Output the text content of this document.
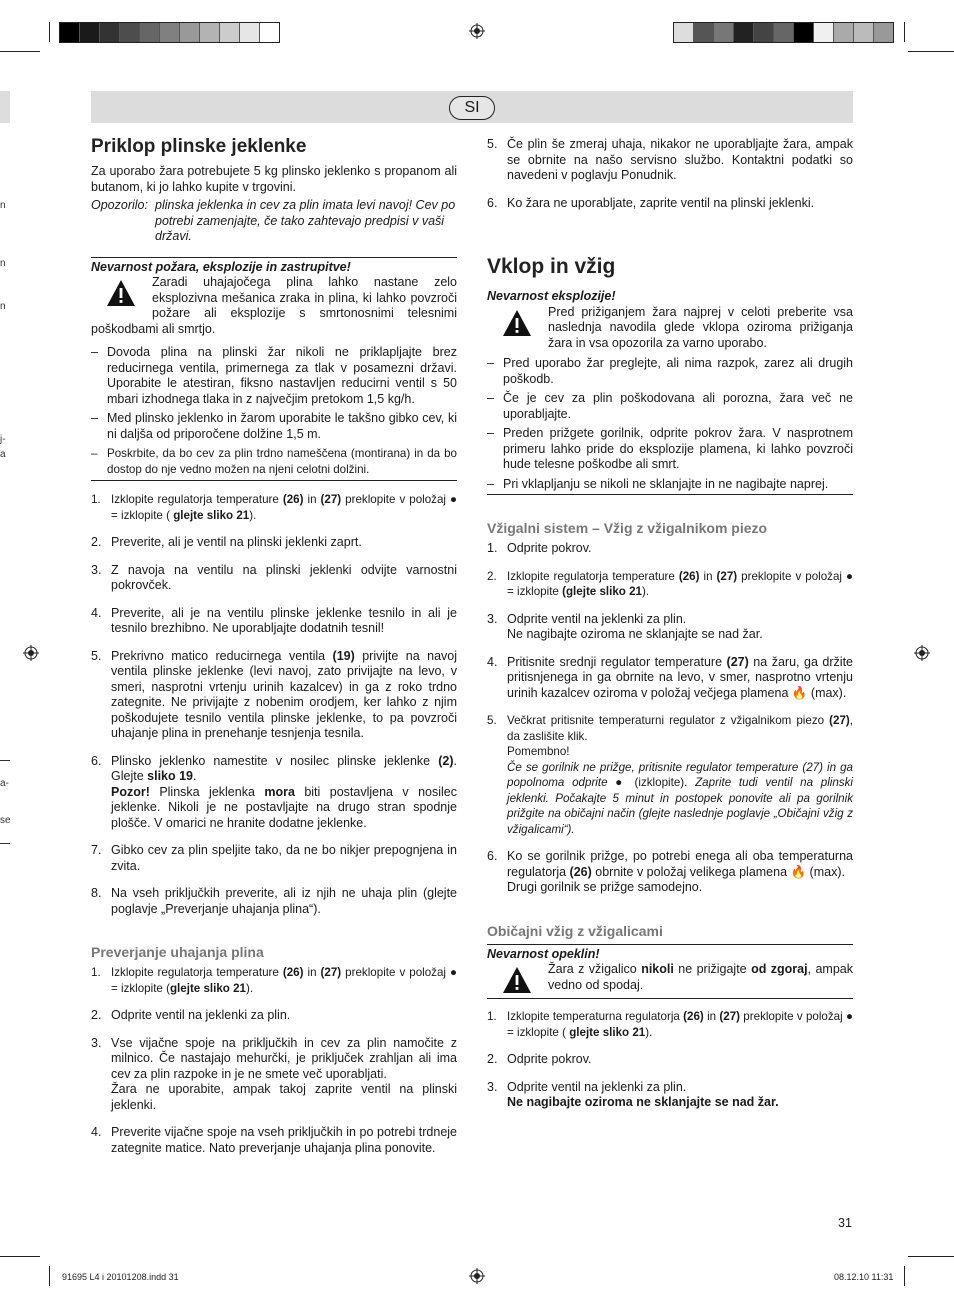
n
n
n
j-
a
a-
se
SI
Priklop plinske jeklenke

Za uporabo žara potrebujete 5 kg plinsko jeklenko s propanom ali butanom, ki jo lahko kupite v trgovini.

Opozorilo: plinska jeklenka in cev za plin imata levi navoj! Cev po potrebi zamenjajte, če tako zahtevajo predpisi v vaši državi.
Nevarnost požara, eksplozije in zastrupitve!

Zaradi uhajajočega plina lahko nastane zelo eksplozivna mešanica zraka in plina, ki lahko povzroči požare ali eksplozije s smrtonosnimi telesnimi poškodbami ali smrtjo.

– Dovoda plina na plinski žar nikoli ne priklapljajte brez reducirnega ventila, primernega za tlak v posamezni državi. Uporabite le atestiran, fiksno nastavljen reducirni ventil s 50 mbari izhodnega tlaka in z največjim pretokom 1,5 kg/h.
– Med plinsko jeklenko in žarom uporabite le takšno gibko cev, ki ni daljša od priporočene dolžine 1,5 m.
– Poskrbite, da bo cev za plin trdno nameščena (montirana) in da bo dostop do nje vedno možen na njeni celotni dolžini.
1. Izklopite regulatorja temperature (26) in (27) preklopite v položaj ● = izklopite ( glejte sliko 21).
2. Preverite, ali je ventil na plinski jeklenki zaprt.
3. Z navoja na ventilu na plinski jeklenki odvijte varnostni pokrovček.
4. Preverite, ali je na ventilu plinske jeklenke tesnilo in ali je tesnilo brezhibno. Ne uporabljajte dodatnih tesnil!
5. Prekrivno matico reducirnega ventila (19) privijte na navoj ventila plinske jeklenke (levi navoj, zato privijajte na levo, v smeri, nasprotni vrtenju urinih kazalcev) in ga z roko trdno zategnite. Ne privijajte z nobenim orodjem, ker lahko z njim poškodujete tesnilo ventila plinske jeklenke, to pa povzroči uhajanje plina in prenehanje tesnjenja tesnila.
6. Plinsko jeklenko namestite v nosilec plinske jeklenke (2). Glejte sliko 19.
Pozor! Plinska jeklenka mora biti postavljena v nosilec jeklenke. Nikoli je ne postavljajte na drugo stran spodnje plošče. V omarici ne hranite dodatne jeklenke.
7. Gibko cev za plin speljite tako, da ne bo nikjer prepognjena in zvita.
8. Na vseh priključkih preverite, ali iz njih ne uhaja plin (glejte poglavje „Preverjanje uhajanja plina“).
Preverjanje uhajanja plina
1. Izklopite regulatorja temperature (26) in (27) preklopite v položaj ● = izklopite (glejte sliko 21).
2. Odprite ventil na jeklenki za plin.
3. Vse vijačne spoje na priključkih in cev za plin namočite z milnico. Če nastajajo mehurčki, je priključek zrahljan ali ima cev za plin razpoke in je ne smete več uporabljati.
Žara ne uporabite, ampak takoj zaprite ventil na plinski jeklenki.
4. Preverite vijačne spoje na vseh priključkih in po potrebi trdneje zategnite matice. Nato preverjanje uhajanja plina ponovite.
5. Če plin še zmeraj uhaja, nikakor ne uporabljajte žara, ampak se obrnite na našo servisno službo. Kontaktni podatki so navedeni v poglavju Ponudnik.
6. Ko žara ne uporabljate, zaprite ventil na plinski jeklenki.
Vklop in vžig
Nevarnost eksplozije!

Pred prižiganjem žara najprej v celoti preberite vsa naslednja navodila glede vklopa oziroma prižiganja žara in vsa opozorila za varno uporabo.

– Pred uporabo žar preglejte, ali nima razpok, zarez ali drugih poškodb.
– Če je cev za plin poškodovana ali porozna, žara več ne uporabljajte.
– Preden prižgete gorilnik, odprite pokrov žara. V nasprotnem primeru lahko pride do eksplozije plamena, ki lahko povzroči hude telesne poškodbe ali smrt.
– Pri vklapljanju se nikoli ne sklanjajte in ne nagibajte naprej.
Vžigalni sistem – Vžig z vžigalnikom piezo
1. Odprite pokrov.
2. Izklopite regulatorja temperature (26) in (27) preklopite v položaj ● = izklopite (glejte sliko 21).
3. Odprite ventil na jeklenki za plin.
Ne nagibajte oziroma ne sklanjajte se nad žar.
4. Pritisnite srednji regulator temperature (27) na žaru, ga držite pritisnjenega in ga obrnite na levo, v smer, nasprotno vrtenju urinih kazalcev oziroma v položaj večjega plamena 🔥 (max).
5. Večkrat pritisnite temperaturni regulator z vžigalnikom piezo (27), da zaslišite klik.
Pomembno!
Če se gorilnik ne prižge, pritisnite regulator temperature (27) in ga popolnoma odprite ● (izklopite). Zaprite tudi ventil na plinski jeklenki. Počakajte 5 minut in postopek ponovite ali pa gorilnik prižgite na običajni način (glejte naslednje poglavje „Običajni vžig z vžigalicami“).
6. Ko se gorilnik prižge, po potrebi enega ali oba temperaturna regulatorja (26) obrnite v položaj velikega plamena 🔥 (max).
Drugi gorilnik se prižge samodejno.
Običajni vžig z vžigalicami
Nevarnost opeklin!

Žara z vžigalico nikoli ne prižigajte od zgoraj, ampak vedno od spodaj.

1. Izklopite temperaturna regulatorja (26) in (27) preklopite v položaj ● = izklopite ( glejte sliko 21).
2. Odprite pokrov.
3. Odprite ventil na jeklenki za plin.
Ne nagibajte oziroma ne sklanjajte se nad žar.
31
91695 L4 i 20101208.indd 31	08.12.10 11:31
